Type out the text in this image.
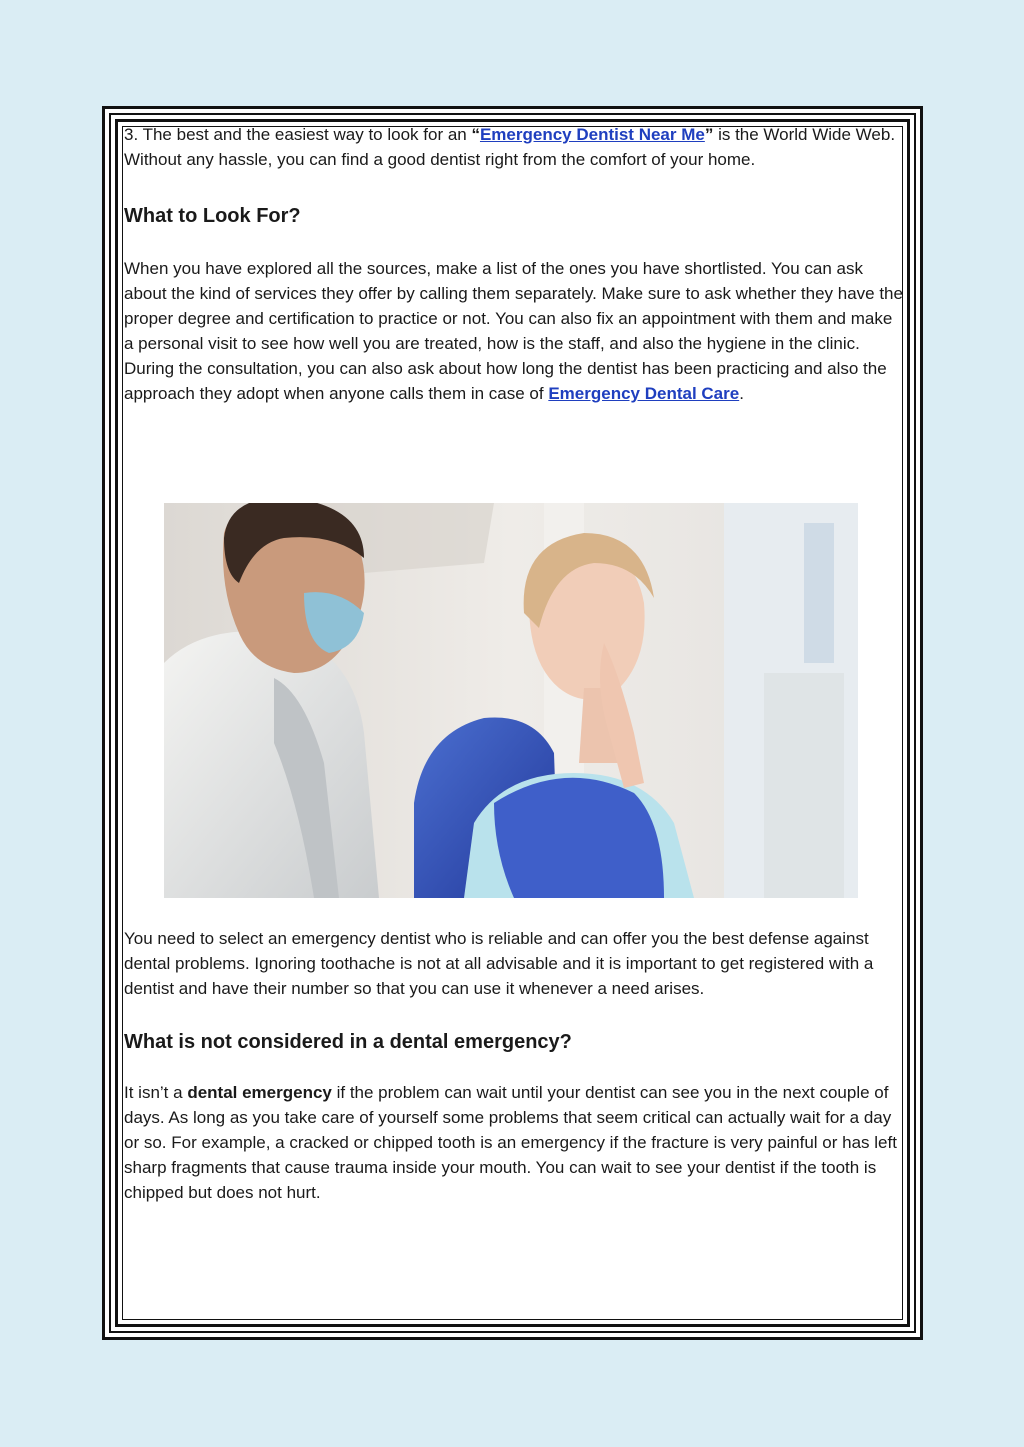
3. The best and the easiest way to look for an “Emergency Dentist Near Me” is the World Wide Web. Without any hassle, you can find a good dentist right from the comfort of your home.

What to Look For?

When you have explored all the sources, make a list of the ones you have shortlisted. You can ask about the kind of services they offer by calling them separately. Make sure to ask whether they have the proper degree and certification to practice or not. You can also fix an appointment with them and make a personal visit to see how well you are treated, how is the staff, and also the hygiene in the clinic. During the consultation, you can also ask about how long the dentist has been practicing and also the approach they adopt when anyone calls them in case of Emergency Dental Care.

You need to select an emergency dentist who is reliable and can offer you the best defense against dental problems. Ignoring toothache is not at all advisable and it is important to get registered with a dentist and have their number so that you can use it whenever a need arises.

What is not considered in a dental emergency?

It isn’t a dental emergency if the problem can wait until your dentist can see you in the next couple of days. As long as you take care of yourself some problems that seem critical can actually wait for a day or so. For example, a cracked or chipped tooth is an emergency if the fracture is very painful or has left sharp fragments that cause trauma inside your mouth. You can wait to see your dentist if the tooth is chipped but does not hurt.
